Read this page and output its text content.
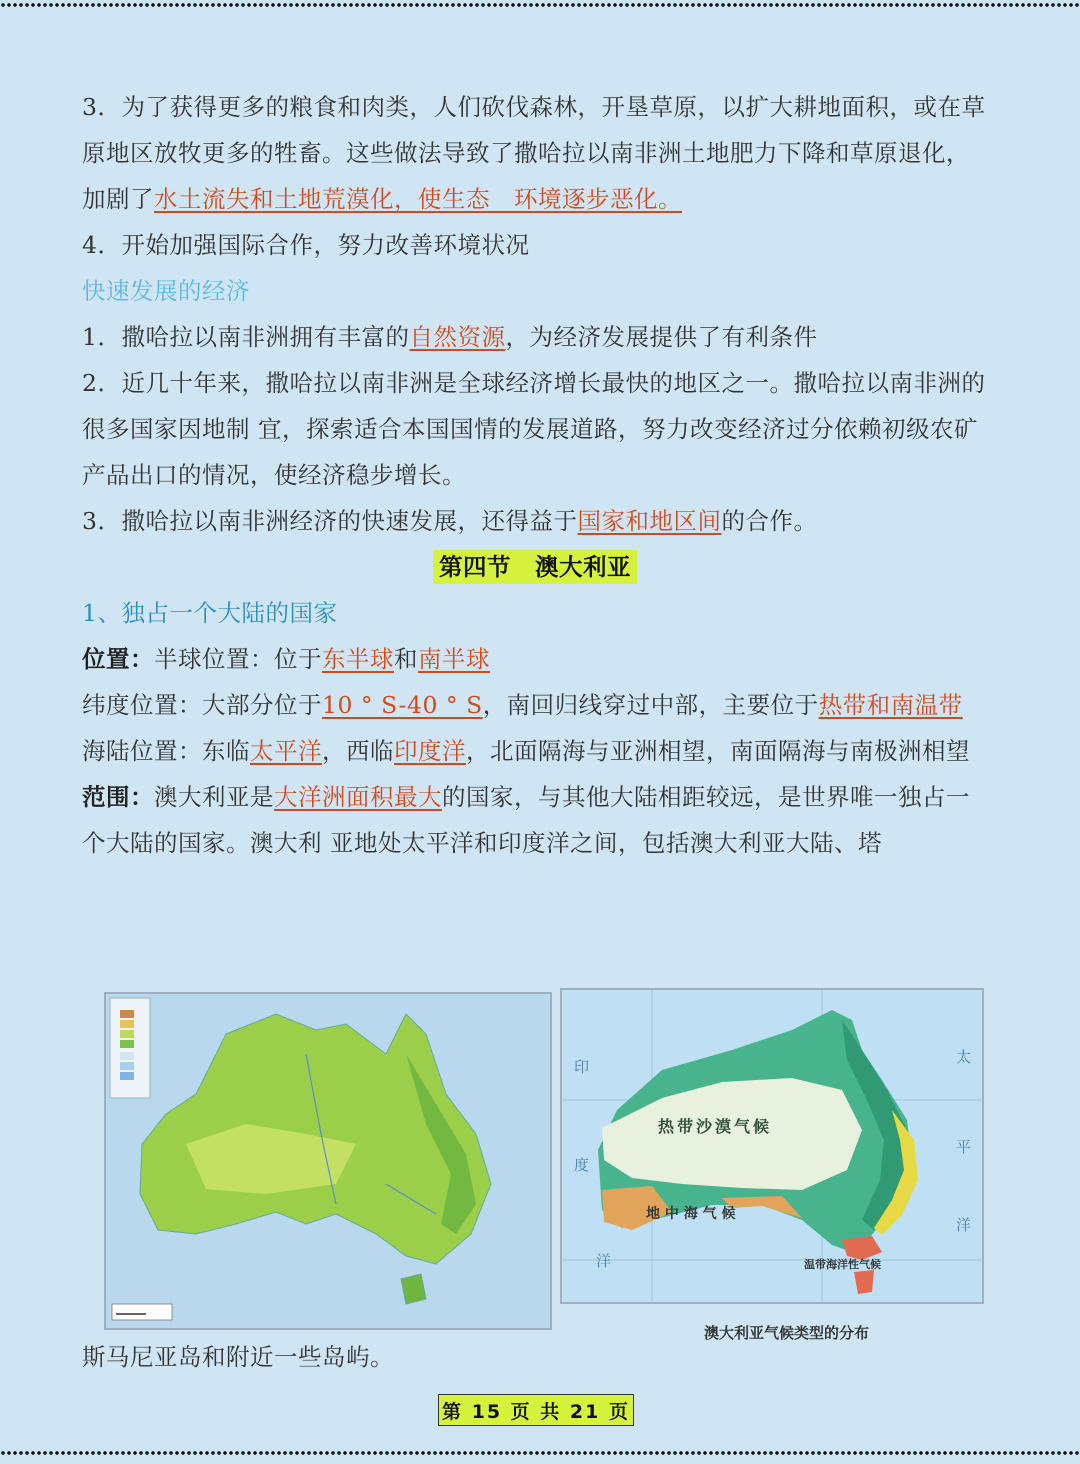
3．为了获得更多的粮食和肉类，人们砍伐森林，开垦草原，以扩大耕地面积，或在草原地区放牧更多的牲畜。这些做法导致了撒哈拉以南非洲土地肥力下降和草原退化，加剧了水土流失和土地荒漠化，使生态　环境逐步恶化。

4．开始加强国际合作，努力改善环境状况

快速发展的经济

1．撒哈拉以南非洲拥有丰富的自然资源，为经济发展提供了有利条件

2．近几十年来，撒哈拉以南非洲是全球经济增长最快的地区之一。撒哈拉以南非洲的很多国家因地制 宜，探索适合本国国情的发展道路，努力改变经济过分依赖初级农矿产品出口的情况，使经济稳步增长。

3．撒哈拉以南非洲经济的快速发展，还得益于国家和地区间的合作。

第四节　澳大利亚

1、独占一个大陆的国家

位置：半球位置：位于东半球和南半球

纬度位置：大部分位于10 ° S-40 ° S，南回归线穿过中部，主要位于热带和南温带

海陆位置：东临太平洋，西临印度洋，北面隔海与亚洲相望，南面隔海与南极洲相望

范围：澳大利亚是大洋洲面积最大的国家，与其他大陆相距较远，是世界唯一独占一个大陆的国家。澳大利 亚地处太平洋和印度洋之间，包括澳大利亚大陆、塔

热带沙漠气候
地 中 海 气 候
温带海洋性气候
印
度
洋
太
平
洋
澳大利亚气候类型的分布
斯马尼亚岛和附近一些岛屿。
第 15 页 共 21 页
